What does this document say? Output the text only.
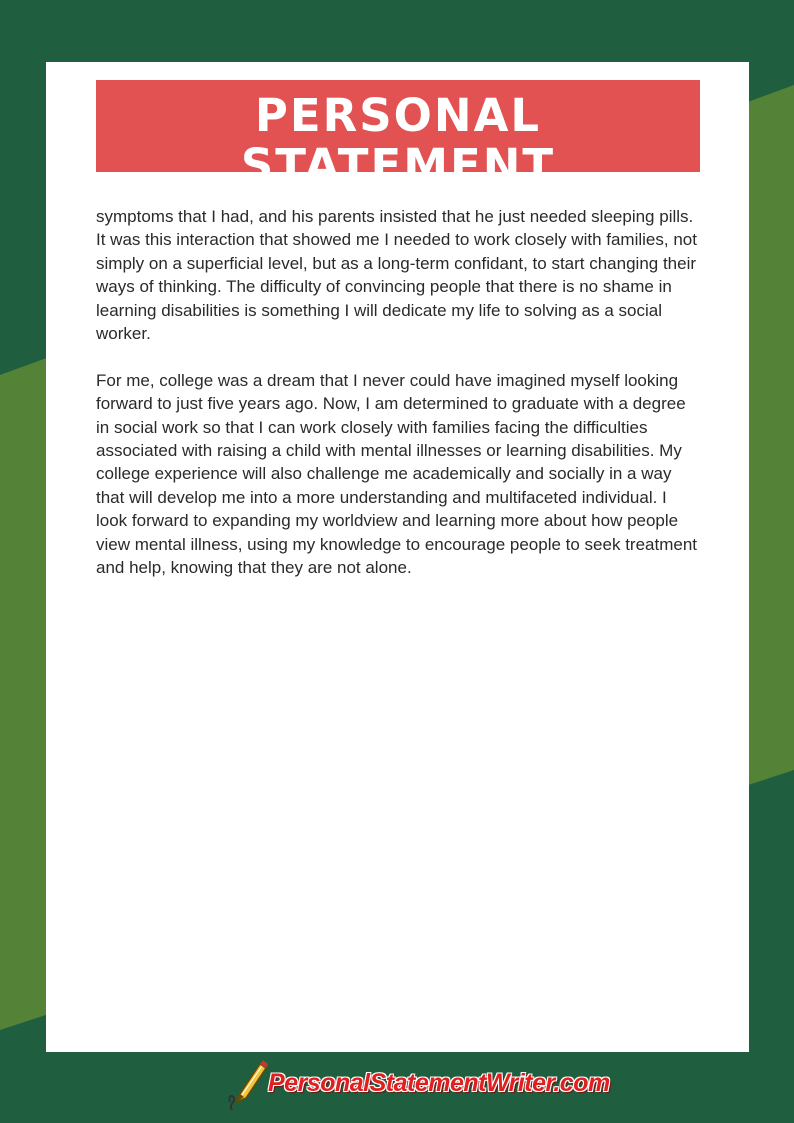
PERSONAL STATEMENT
500 words sample, page 2

symptoms that I had, and his parents insisted that he just needed sleeping pills. It was this interaction that showed me I needed to work closely with families, not simply on a superficial level, but as a long-term confidant, to start changing their ways of thinking. The difficulty of convincing people that there is no shame in learning disabilities is something I will dedicate my life to solving as a social worker.

For me, college was a dream that I never could have imagined myself looking forward to just five years ago. Now, I am determined to graduate with a degree in social work so that I can work closely with families facing the difficulties associated with raising a child with mental illnesses or learning disabilities. My college experience will also challenge me academically and socially in a way that will develop me into a more understanding and multifaceted individual. I look forward to expanding my worldview and learning more about how people view mental illness, using my knowledge to encourage people to seek treatment and help, knowing that they are not alone.

PersonalStatementWriter.com
